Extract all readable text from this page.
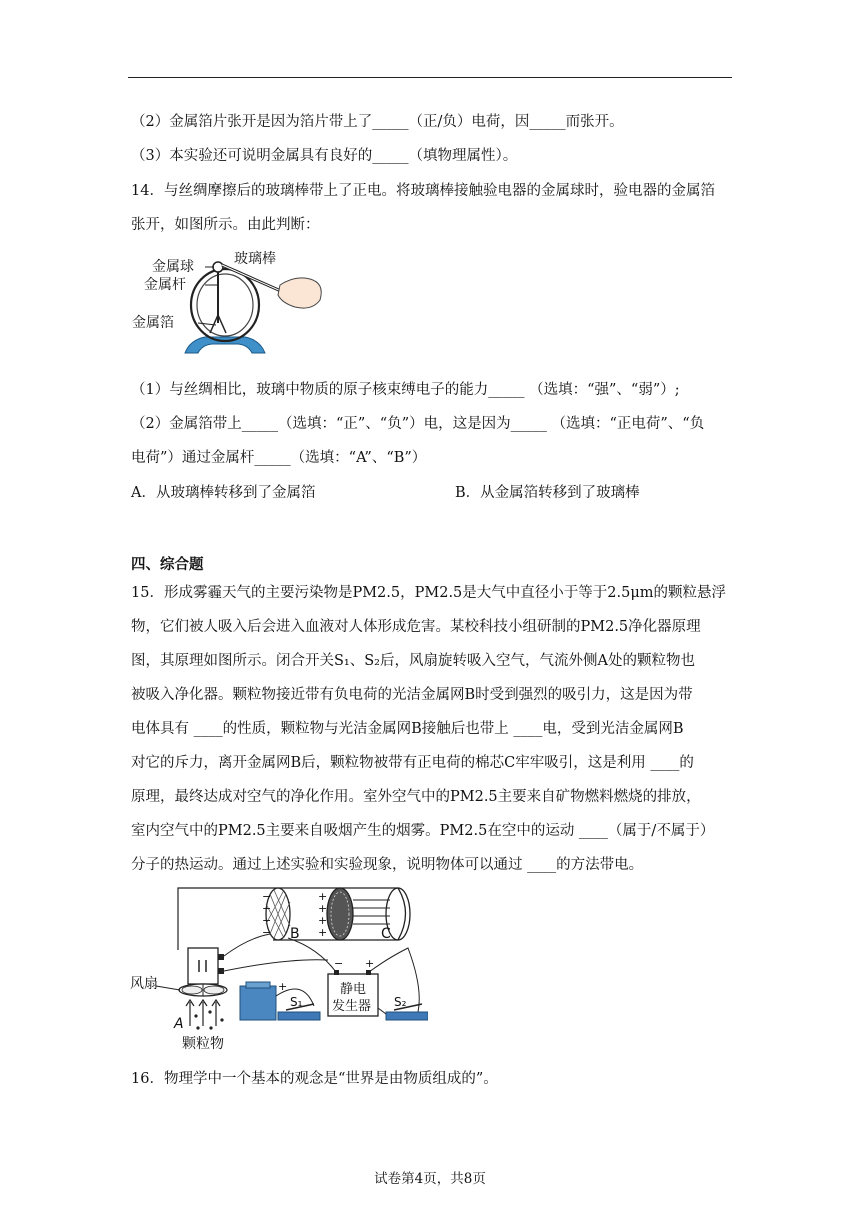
（2）金属箔片张开是因为箔片带上了_____（正/负）电荷，因_____而张开。
（3）本实验还可说明金属具有良好的_____（填物理属性）。
14．与丝绸摩擦后的玻璃棒带上了正电。将玻璃棒接触验电器的金属球时，验电器的金属箔
张开，如图所示。由此判断：
金属球	玻璃棒
金属杆
金属箔
（1）与丝绸相比，玻璃中物质的原子核束缚电子的能力_____ （选填：“强”、“弱”）;
（2）金属箔带上_____（选填：“正”、“负”）电，这是因为_____ （选填：“正电荷”、“负
电荷”）通过金属杆_____（选填：“A”、“B”）
A．从玻璃棒转移到了金属箔	B．从金属箔转移到了玻璃棒
四、综合题
15．形成雾霾天气的主要污染物是PM2.5，PM2.5是大气中直径小于等于2.5μm的颗粒悬浮
物，它们被人吸入后会进入血液对人体形成危害。某校科技小组研制的PM2.5净化器原理
图，其原理如图所示。闭合开关S₁、S₂后，风扇旋转吸入空气，气流外侧A处的颗粒物也
被吸入净化器。颗粒物接近带有负电荷的光洁金属网B时受到强烈的吸引力，这是因为带
电体具有 ____的性质，颗粒物与光洁金属网B接触后也带上 ____电，受到光洁金属网B
对它的斥力，离开金属网B后，颗粒物被带有正电荷的棉芯C牢牢吸引，这是利用 ____的
原理，最终达成对空气的净化作用。室外空气中的PM2.5主要来自矿物燃料燃烧的排放，
室内空气中的PM2.5主要来自吸烟产生的烟雾。PM2.5在空中的运动 ____（属于/不属于）
分子的热运动。通过上述实验和实验现象，说明物体可以通过 ____的方法带电。
−
−
−
−
+
+
+
+
B	C
+
S₁
− +
静电
发生器 S₂
风扇
A
颗粒物
16．物理学中一个基本的观念是“世界是由物质组成的”。
试卷第4页，共8页
